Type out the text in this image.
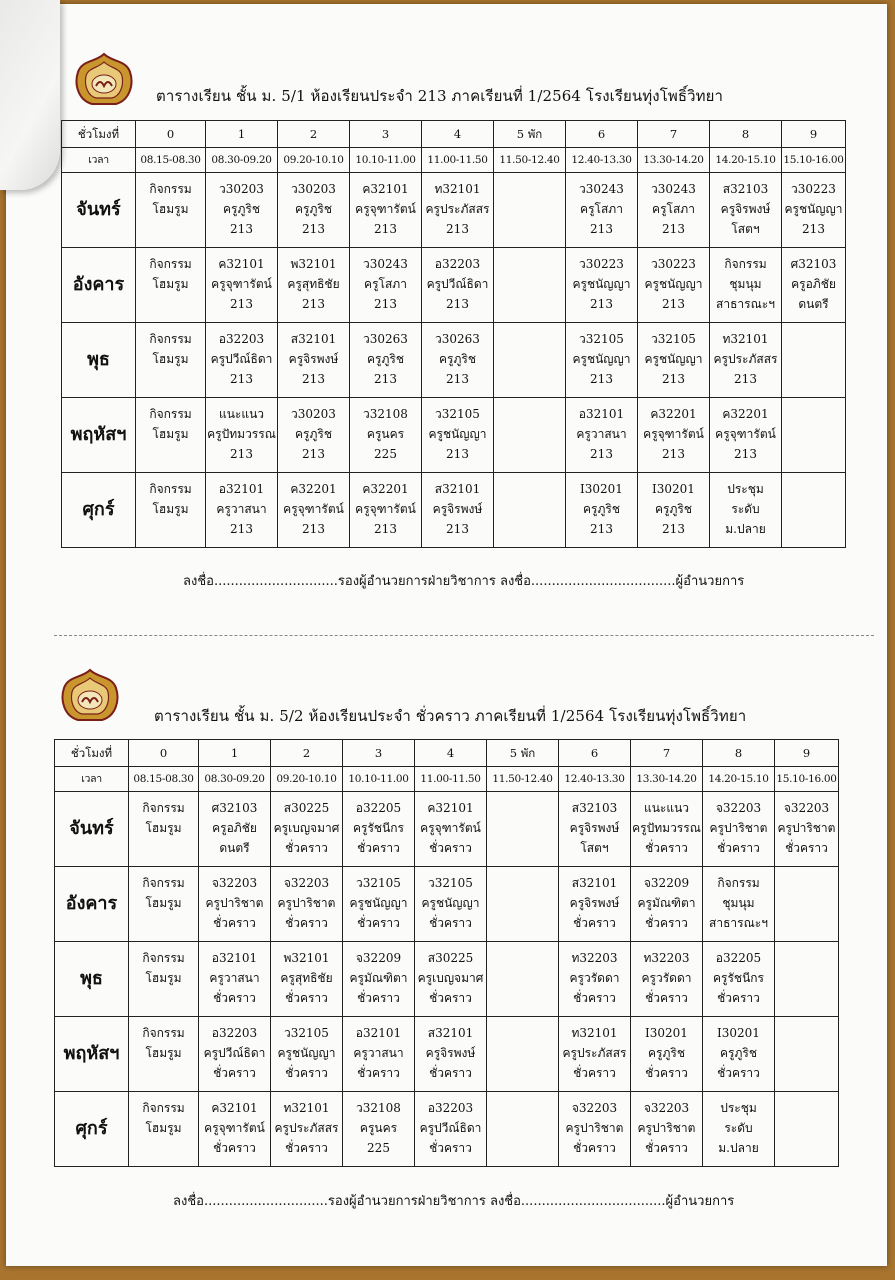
ตารางเรียน ชั้น ม. 5/1 ห้องเรียนประจำ 213 ภาคเรียนที่ 1/2564 โรงเรียนทุ่งโพธิ์วิทยา
ชั่วโมงที่	0	1	2	3	4	5 พัก	6	7	8	9
เวลา	08.15-08.30	08.30-09.20	09.20-10.10	10.10-11.00	11.00-11.50	11.50-12.40	12.40-13.30	13.30-14.20	14.20-15.10	15.10-16.00
จันทร์	กิจกรรม
โฮมรูม	ว30203
ครูภูริช
213	ว30203
ครูภูริช
213	ค32101
ครูจุฑารัตน์
213	ท32101
ครูประภัสสร
213		ว30243
ครูโสภา
213	ว30243
ครูโสภา
213	ส32103
ครูจิรพงษ์
โสตฯ	ว30223
ครูชนัญญา
213

อังคาร	กิจกรรม
โฮมรูม	ค32101
ครูจุฑารัตน์
213	พ32101
ครูสุทธิชัย
213	ว30243
ครูโสภา
213	อ32203
ครูปวีณ์ธิดา
213		ว30223
ครูชนัญญา
213	ว30223
ครูชนัญญา
213	กิจกรรม
ชุมนุม
สาธารณะฯ	ศ32103
ครูอภิชัย
ดนตรี

พุธ	กิจกรรม
โฮมรูม	อ32203
ครูปวีณ์ธิดา
213	ส32101
ครูจิรพงษ์
213	ว30263
ครูภูริช
213	ว30263
ครูภูริช
213		ว32105
ครูชนัญญา
213	ว32105
ครูชนัญญา
213	ท32101
ครูประภัสสร
213	

พฤหัสฯ	กิจกรรม
โฮมรูม	แนะแนว
ครูปัทมวรรณ
213	ว30203
ครูภูริช
213	ว32108
ครูนคร
225	ว32105
ครูชนัญญา
213		อ32101
ครูวาสนา
213	ค32201
ครูจุฑารัตน์
213	ค32201
ครูจุฑารัตน์
213	

ศุกร์	กิจกรรม
โฮมรูม	อ32101
ครูวาสนา
213	ค32201
ครูจุฑารัตน์
213	ค32201
ครูจุฑารัตน์
213	ส32101
ครูจิรพงษ์
213		I30201
ครูภูริช
213	I30201
ครูภูริช
213	ประชุม
ระดับ
ม.ปลาย	

ลงชื่อ..............................รองผู้อำนวยการฝ่ายวิชาการ ลงชื่อ...................................ผู้อำนวยการ
ตารางเรียน ชั้น ม. 5/2 ห้องเรียนประจำ ชั่วคราว ภาคเรียนที่ 1/2564 โรงเรียนทุ่งโพธิ์วิทยา
ชั่วโมงที่	0	1	2	3	4	5 พัก	6	7	8	9
เวลา	08.15-08.30	08.30-09.20	09.20-10.10	10.10-11.00	11.00-11.50	11.50-12.40	12.40-13.30	13.30-14.20	14.20-15.10	15.10-16.00
จันทร์	กิจกรรม
โฮมรูม	ศ32103
ครูอภิชัย
ดนตรี	ส30225
ครูเบญจมาศ
ชั่วคราว	อ32205
ครูรัชนีกร
ชั่วคราว	ค32101
ครูจุฑารัตน์
ชั่วคราว		ส32103
ครูจิรพงษ์
โสตฯ	แนะแนว
ครูปัทมวรรณ
ชั่วคราว	จ32203
ครูปาริชาต
ชั่วคราว	จ32203
ครูปาริชาต
ชั่วคราว

อังคาร	กิจกรรม
โฮมรูม	จ32203
ครูปาริชาต
ชั่วคราว	จ32203
ครูปาริชาต
ชั่วคราว	ว32105
ครูชนัญญา
ชั่วคราว	ว32105
ครูชนัญญา
ชั่วคราว		ส32101
ครูจิรพงษ์
ชั่วคราว	จ32209
ครูมัณฑิตา
ชั่วคราว	กิจกรรม
ชุมนุม
สาธารณะฯ	

พุธ	กิจกรรม
โฮมรูม	อ32101
ครูวาสนา
ชั่วคราว	พ32101
ครูสุทธิชัย
ชั่วคราว	จ32209
ครูมัณฑิตา
ชั่วคราว	ส30225
ครูเบญจมาศ
ชั่วคราว		ท32203
ครูวรัดดา
ชั่วคราว	ท32203
ครูวรัดดา
ชั่วคราว	อ32205
ครูรัชนีกร
ชั่วคราว	

พฤหัสฯ	กิจกรรม
โฮมรูม	อ32203
ครูปวีณ์ธิดา
ชั่วคราว	ว32105
ครูชนัญญา
ชั่วคราว	อ32101
ครูวาสนา
ชั่วคราว	ส32101
ครูจิรพงษ์
ชั่วคราว		ท32101
ครูประภัสสร
ชั่วคราว	I30201
ครูภูริช
ชั่วคราว	I30201
ครูภูริช
ชั่วคราว	

ศุกร์	กิจกรรม
โฮมรูม	ค32101
ครูจุฑารัตน์
ชั่วคราว	ท32101
ครูประภัสสร
ชั่วคราว	ว32108
ครูนคร
225	อ32203
ครูปวีณ์ธิดา
ชั่วคราว		จ32203
ครูปาริชาต
ชั่วคราว	จ32203
ครูปาริชาต
ชั่วคราว	ประชุม
ระดับ
ม.ปลาย	

ลงชื่อ..............................รองผู้อำนวยการฝ่ายวิชาการ ลงชื่อ...................................ผู้อำนวยการ
